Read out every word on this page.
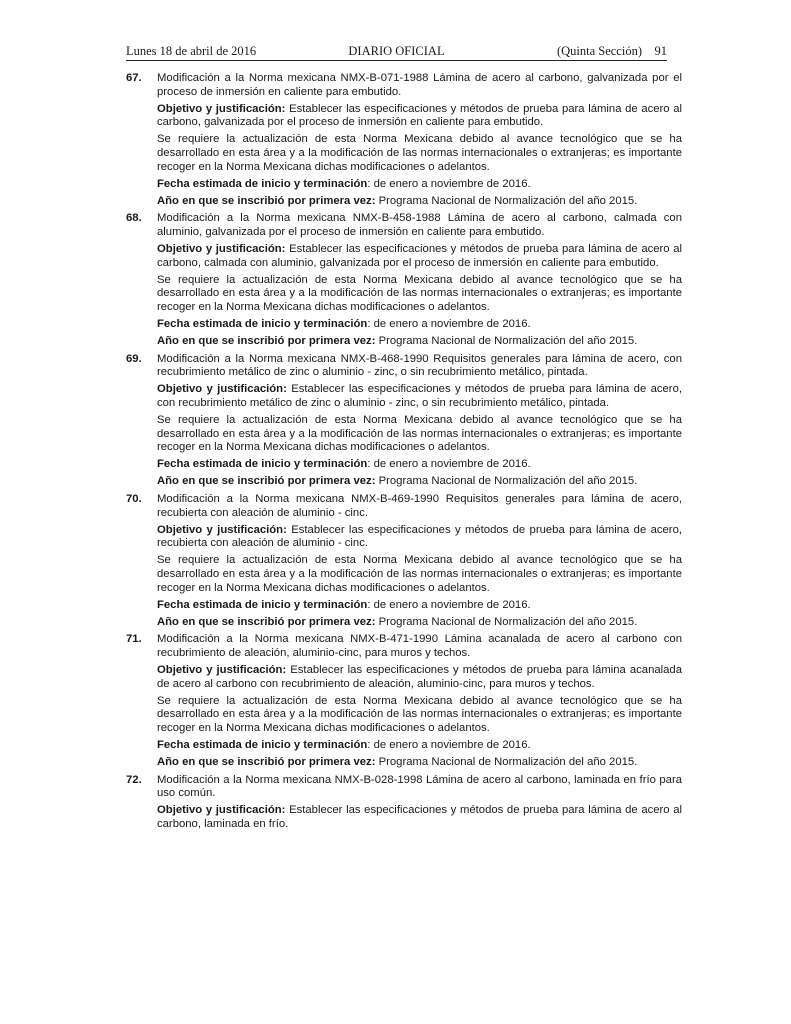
Lunes 18 de abril de 2016	DIARIO OFICIAL	(Quinta Sección) 91
67.	Modificación a la Norma mexicana NMX-B-071-1988 Lámina de acero al carbono, galvanizada por el proceso de inmersión en caliente para embutido.
Objetivo y justificación: Establecer las especificaciones y métodos de prueba para lámina de acero al carbono, galvanizada por el proceso de inmersión en caliente para embutido.
Se requiere la actualización de esta Norma Mexicana debido al avance tecnológico que se ha desarrollado en esta área y a la modificación de las normas internacionales o extranjeras; es importante recoger en la Norma Mexicana dichas modificaciones o adelantos.
Fecha estimada de inicio y terminación: de enero a noviembre de 2016.
Año en que se inscribió por primera vez: Programa Nacional de Normalización del año 2015.
68.	Modificación a la Norma mexicana NMX-B-458-1988 Lámina de acero al carbono, calmada con aluminio, galvanizada por el proceso de inmersión en caliente para embutido.
Objetivo y justificación: Establecer las especificaciones y métodos de prueba para lámina de acero al carbono, calmada con aluminio, galvanizada por el proceso de inmersión en caliente para embutido.
Se requiere la actualización de esta Norma Mexicana debido al avance tecnológico que se ha desarrollado en esta área y a la modificación de las normas internacionales o extranjeras; es importante recoger en la Norma Mexicana dichas modificaciones o adelantos.
Fecha estimada de inicio y terminación: de enero a noviembre de 2016.
Año en que se inscribió por primera vez: Programa Nacional de Normalización del año 2015.
69.	Modificación a la Norma mexicana NMX-B-468-1990 Requisitos generales para lámina de acero, con recubrimiento metálico de zinc o aluminio - zinc, o sin recubrimiento metálico, pintada.
Objetivo y justificación: Establecer las especificaciones y métodos de prueba para lámina de acero, con recubrimiento metálico de zinc o aluminio - zinc, o sin recubrimiento metálico, pintada.
Se requiere la actualización de esta Norma Mexicana debido al avance tecnológico que se ha desarrollado en esta área y a la modificación de las normas internacionales o extranjeras; es importante recoger en la Norma Mexicana dichas modificaciones o adelantos.
Fecha estimada de inicio y terminación: de enero a noviembre de 2016.
Año en que se inscribió por primera vez: Programa Nacional de Normalización del año 2015.
70.	Modificación a la Norma mexicana NMX-B-469-1990 Requisitos generales para lámina de acero, recubierta con aleación de aluminio - cinc.
Objetivo y justificación: Establecer las especificaciones y métodos de prueba para lámina de acero, recubierta con aleación de aluminio - cinc.
Se requiere la actualización de esta Norma Mexicana debido al avance tecnológico que se ha desarrollado en esta área y a la modificación de las normas internacionales o extranjeras; es importante recoger en la Norma Mexicana dichas modificaciones o adelantos.
Fecha estimada de inicio y terminación: de enero a noviembre de 2016.
Año en que se inscribió por primera vez: Programa Nacional de Normalización del año 2015.
71.	Modificación a la Norma mexicana NMX-B-471-1990 Lámina acanalada de acero al carbono con recubrimiento de aleación, aluminio-cinc, para muros y techos.
Objetivo y justificación: Establecer las especificaciones y métodos de prueba para lámina acanalada de acero al carbono con recubrimiento de aleación, aluminio-cinc, para muros y techos.
Se requiere la actualización de esta Norma Mexicana debido al avance tecnológico que se ha desarrollado en esta área y a la modificación de las normas internacionales o extranjeras; es importante recoger en la Norma Mexicana dichas modificaciones o adelantos.
Fecha estimada de inicio y terminación: de enero a noviembre de 2016.
Año en que se inscribió por primera vez: Programa Nacional de Normalización del año 2015.
72.	Modificación a la Norma mexicana NMX-B-028-1998 Lámina de acero al carbono, laminada en frío para uso común.
Objetivo y justificación: Establecer las especificaciones y métodos de prueba para lámina de acero al carbono, laminada en frío.
